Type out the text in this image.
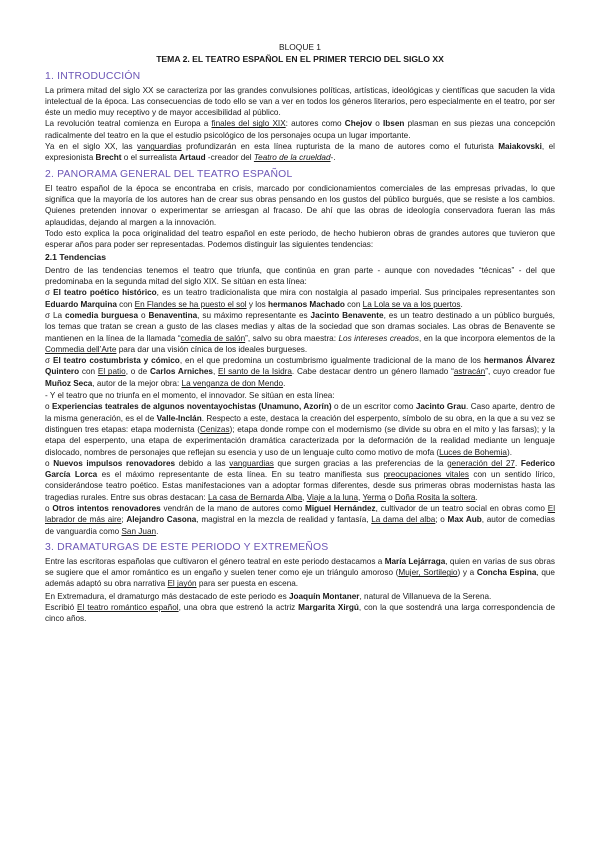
BLOQUE 1

TEMA 2. EL TEATRO ESPAÑOL EN EL PRIMER TERCIO DEL SIGLO XX

1. INTRODUCCIÓN

La primera mitad del siglo XX se caracteriza por las grandes convulsiones políticas, artísticas, ideológicas y científicas que sacuden la vida intelectual de la época. Las consecuencias de todo ello se van a ver en todos los géneros literarios, pero especialmente en el teatro, por ser éste un medio muy receptivo y de mayor accesibilidad al público.

La revolución teatral comienza en Europa a finales del siglo XIX: autores como Chejov o Ibsen plasman en sus piezas una concepción radicalmente del teatro en la que el estudio psicológico de los personajes ocupa un lugar importante.

Ya en el siglo XX, las vanguardias profundizarán en esta línea rupturista de la mano de autores como el futurista Maiakovski, el expresionista Brecht o el surrealista Artaud -creador del Teatro de la crueldad-.

2. PANORAMA GENERAL DEL TEATRO ESPAÑOL

El teatro español de la época se encontraba en crisis, marcado por condicionamientos comerciales de las empresas privadas, lo que significa que la mayoría de los autores han de crear sus obras pensando en los gustos del público burgués, que se resiste a los cambios. Quienes pretenden innovar o experimentar se arriesgan al fracaso. De ahí que las obras de ideología conservadora fueran las más aplaudidas, dejando al margen a la innovación.

Todo esto explica la poca originalidad del teatro español en este periodo, de hecho hubieron obras de grandes autores que tuvieron que esperar años para poder ser representadas. Podemos distinguir las siguientes tendencias:

2.1 Tendencias

Dentro de las tendencias tenemos el teatro que triunfa, que continúa en gran parte - aunque con novedades “técnicas” - del que predominaba en la segunda mitad del siglo XIX. Se sitúan en esta línea:

σ El teatro poético histórico, es un teatro tradicionalista que mira con nostalgia al pasado imperial. Sus principales representantes son Eduardo Marquina con En Flandes se ha puesto el sol y los hermanos Machado con La Lola se va a los puertos.

σ La comedia burguesa o Benaventina, su máximo representante es Jacinto Benavente, es un teatro destinado a un público burgués, los temas que tratan se crean a gusto de las clases medias y altas de la sociedad que son dramas sociales. Las obras de Benavente se mantienen en la línea de la llamada “comedia de salón”, salvo su obra maestra: Los intereses creados, en la que incorpora elementos de la Commedia dell’Arte para dar una visión cínica de los ideales burgueses.

σ El teatro costumbrista y cómico, en el que predomina un costumbrismo igualmente tradicional de la mano de los hermanos Álvarez Quintero con El patio, o de Carlos Arniches, El santo de la Isidra. Cabe destacar dentro un género llamado “astracán”, cuyo creador fue Muñoz Seca, autor de la mejor obra: La venganza de don Mendo.

- Y el teatro que no triunfa en el momento, el innovador. Se sitúan en esta línea:

o Experiencias teatrales de algunos noventayochistas (Unamuno, Azorín) o de un escritor como Jacinto Grau. Caso aparte, dentro de la misma generación, es el de Valle-Inclán. Respecto a este, destaca la creación del esperpento, símbolo de su obra, en la que a su vez se distinguen tres etapas: etapa modernista (Cenizas); etapa donde rompe con el modernismo (se divide su obra en el mito y las farsas); y la etapa del esperpento, una etapa de experimentación dramática caracterizada por la deformación de la realidad mediante un lenguaje dislocado, nombres de personajes que reflejan su esencia y uso de un lenguaje culto como motivo de mofa (Luces de Bohemia).

o Nuevos impulsos renovadores debido a las vanguardias que surgen gracias a las preferencias de la generación del 27. Federico García Lorca es el máximo representante de esta línea. En su teatro manifiesta sus preocupaciones vitales con un sentido lírico, considerándose teatro poético. Estas manifestaciones van a adoptar formas diferentes, desde sus primeras obras modernistas hasta las tragedias rurales. Entre sus obras destacan: La casa de Bernarda Alba, Viaje a la luna, Yerma o Doña Rosita la soltera.

o Otros intentos renovadores vendrán de la mano de autores como Miguel Hernández, cultivador de un teatro social en obras como El labrador de más aire; Alejandro Casona, magistral en la mezcla de realidad y fantasía, La dama del alba; o Max Aub, autor de comedias de vanguardia como San Juan.

3. DRAMATURGAS DE ESTE PERIODO Y EXTREMEÑOS

Entre las escritoras españolas que cultivaron el género teatral en este periodo destacamos a María Lejárraga, quien en varias de sus obras se sugiere que el amor romántico es un engaño y suelen tener como eje un triángulo amoroso (Mujer, Sortilegio) y a Concha Espina, que además adaptó su obra narrativa El jayón para ser puesta en escena.

En Extremadura, el dramaturgo más destacado de este periodo es Joaquín Montaner, natural de Villanueva de la Serena.

Escribió El teatro romántico español, una obra que estrenó la actriz Margarita Xirgú, con la que sostendrá una larga correspondencia de cinco años.
